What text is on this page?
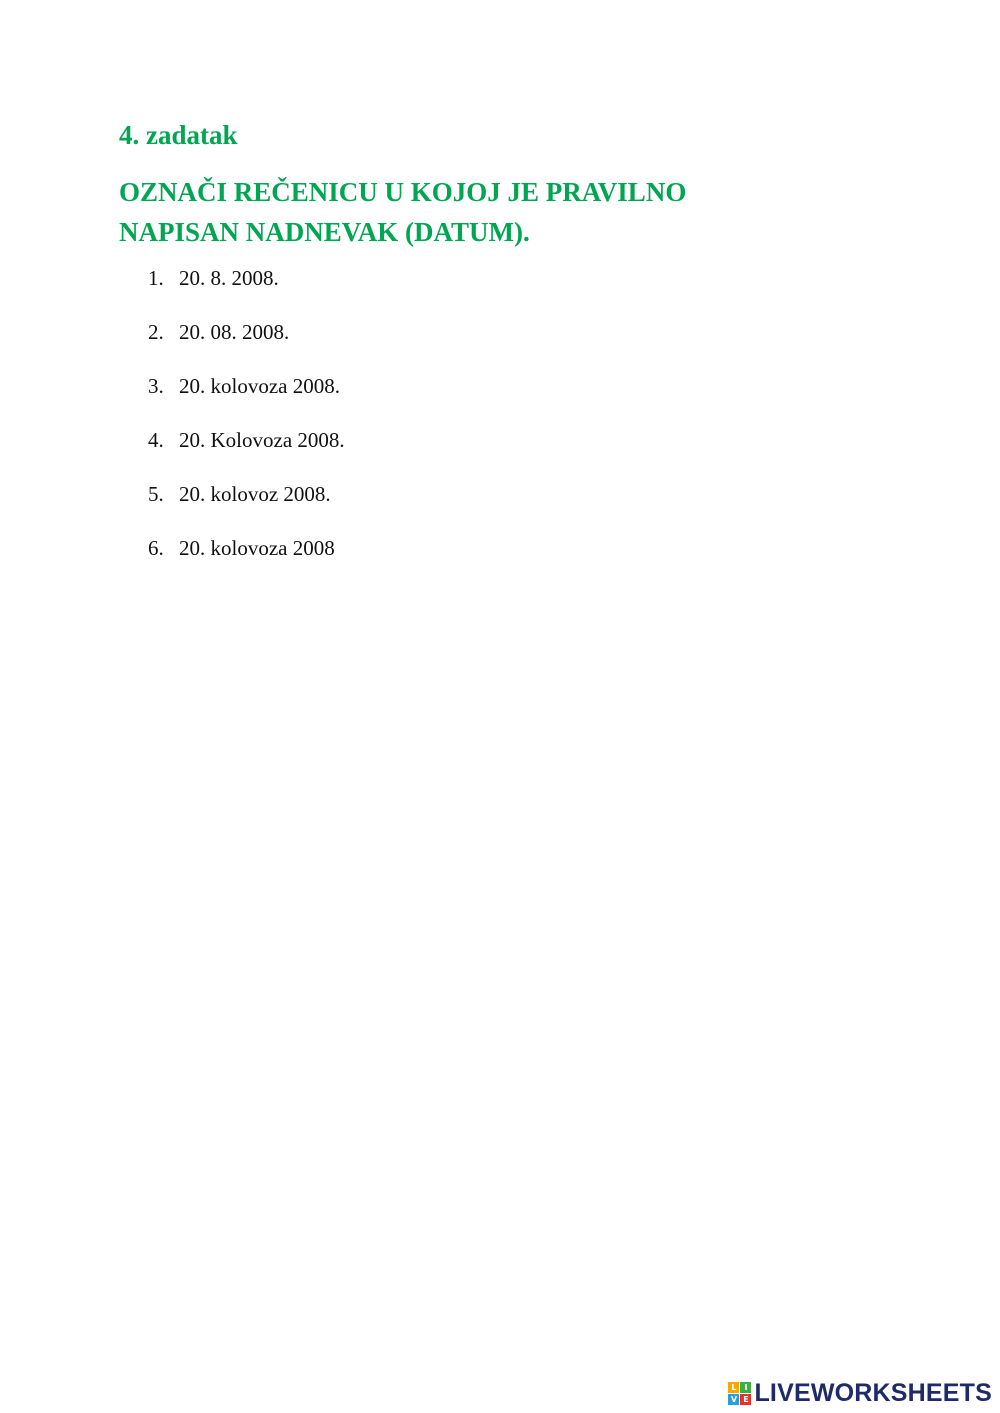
4. zadatak
OZNAČI REČENICU U KOJOJ JE PRAVILNO
NAPISAN NADNEVAK (DATUM).
1. 20. 8. 2008.
2. 20. 08. 2008.
3. 20. kolovoza 2008.
4. 20. Kolovoza 2008.
5. 20. kolovoz 2008.
6. 20. kolovoza 2008
L I
V E LIVEWORKSHEETS
